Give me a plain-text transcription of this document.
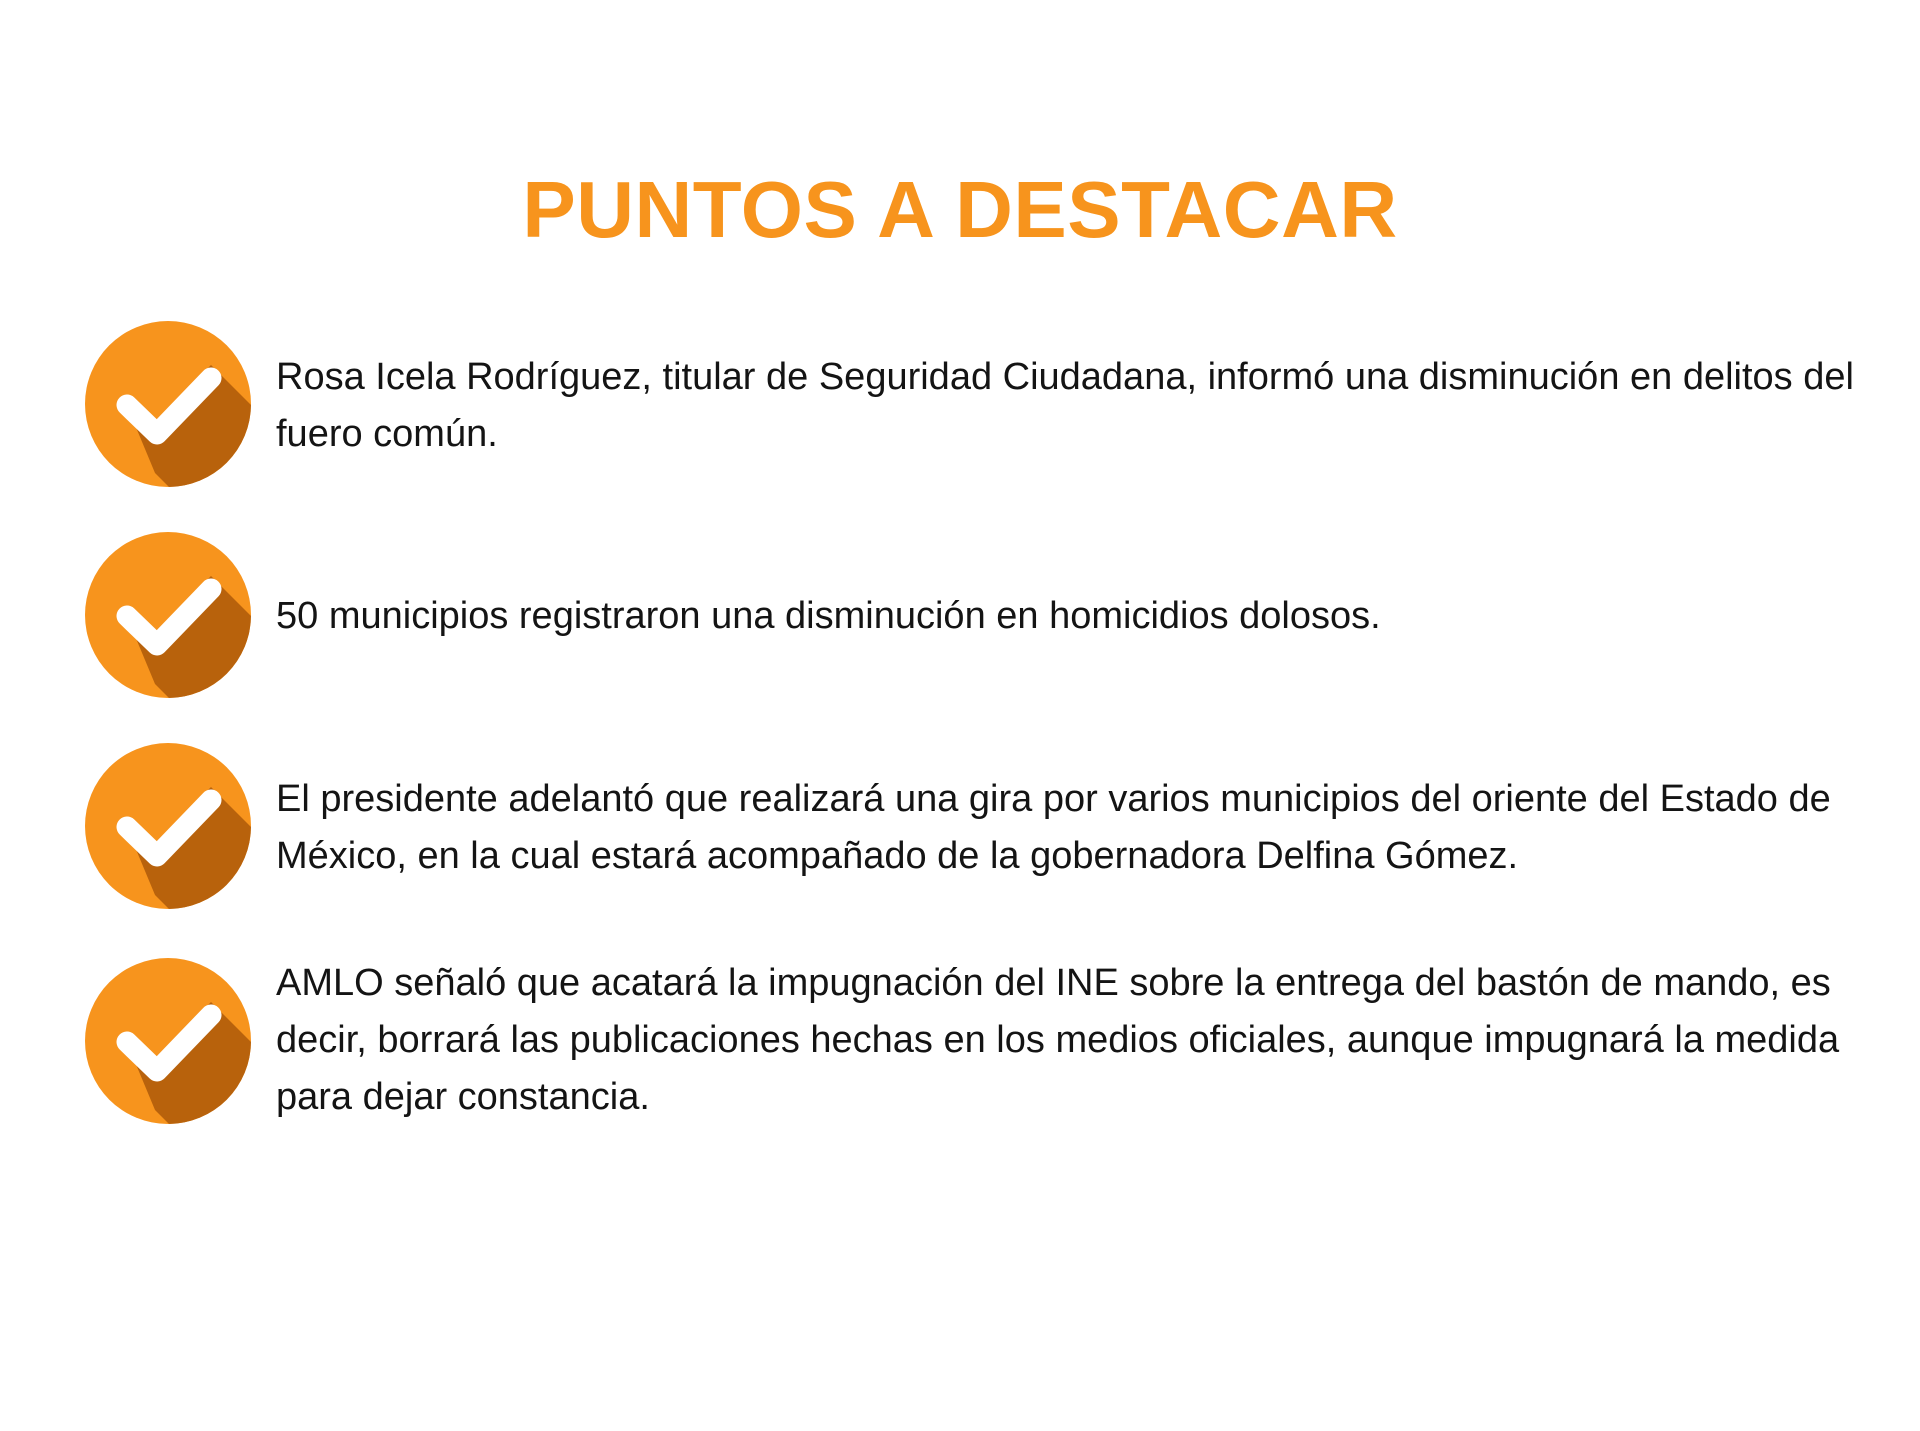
PUNTOS A DESTACAR

Rosa Icela Rodríguez, titular de Seguridad Ciudadana, informó una disminución en delitos del fuero común.

50 municipios registraron una disminución en homicidios dolosos.

El presidente adelantó que realizará una gira por varios municipios del oriente del Estado de México, en la cual estará acompañado de la gobernadora Delfina Gómez.

AMLO señaló que acatará la impugnación del INE sobre la entrega del bastón de mando, es decir, borrará las publicaciones hechas en los medios oficiales, aunque impugnará la medida para dejar constancia.
